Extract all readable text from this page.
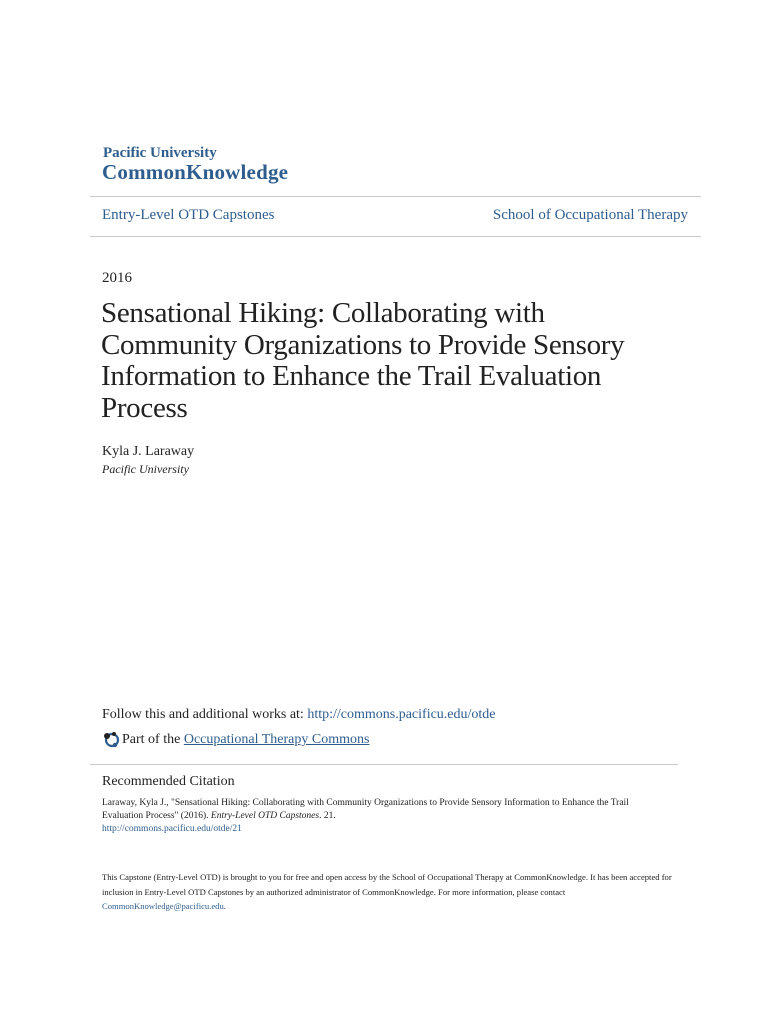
Pacific University
CommonKnowledge
Entry-Level OTD Capstones	School of Occupational Therapy
2016
Sensational Hiking: Collaborating with Community Organizations to Provide Sensory Information to Enhance the Trail Evaluation Process
Kyla J. Laraway
Pacific University
Follow this and additional works at: http://commons.pacificu.edu/otde
Part of the
Occupational Therapy Commons
Recommended Citation
Laraway, Kyla J., "Sensational Hiking: Collaborating with Community Organizations to Provide Sensory Information to Enhance the Trail Evaluation Process" (2016). Entry-Level OTD Capstones. 21.
http://commons.pacificu.edu/otde/21
This Capstone (Entry-Level OTD) is brought to you for free and open access by the School of Occupational Therapy at CommonKnowledge. It has been accepted for inclusion in Entry-Level OTD Capstones by an authorized administrator of CommonKnowledge. For more information, please contact CommonKnowledge@pacificu.edu.
